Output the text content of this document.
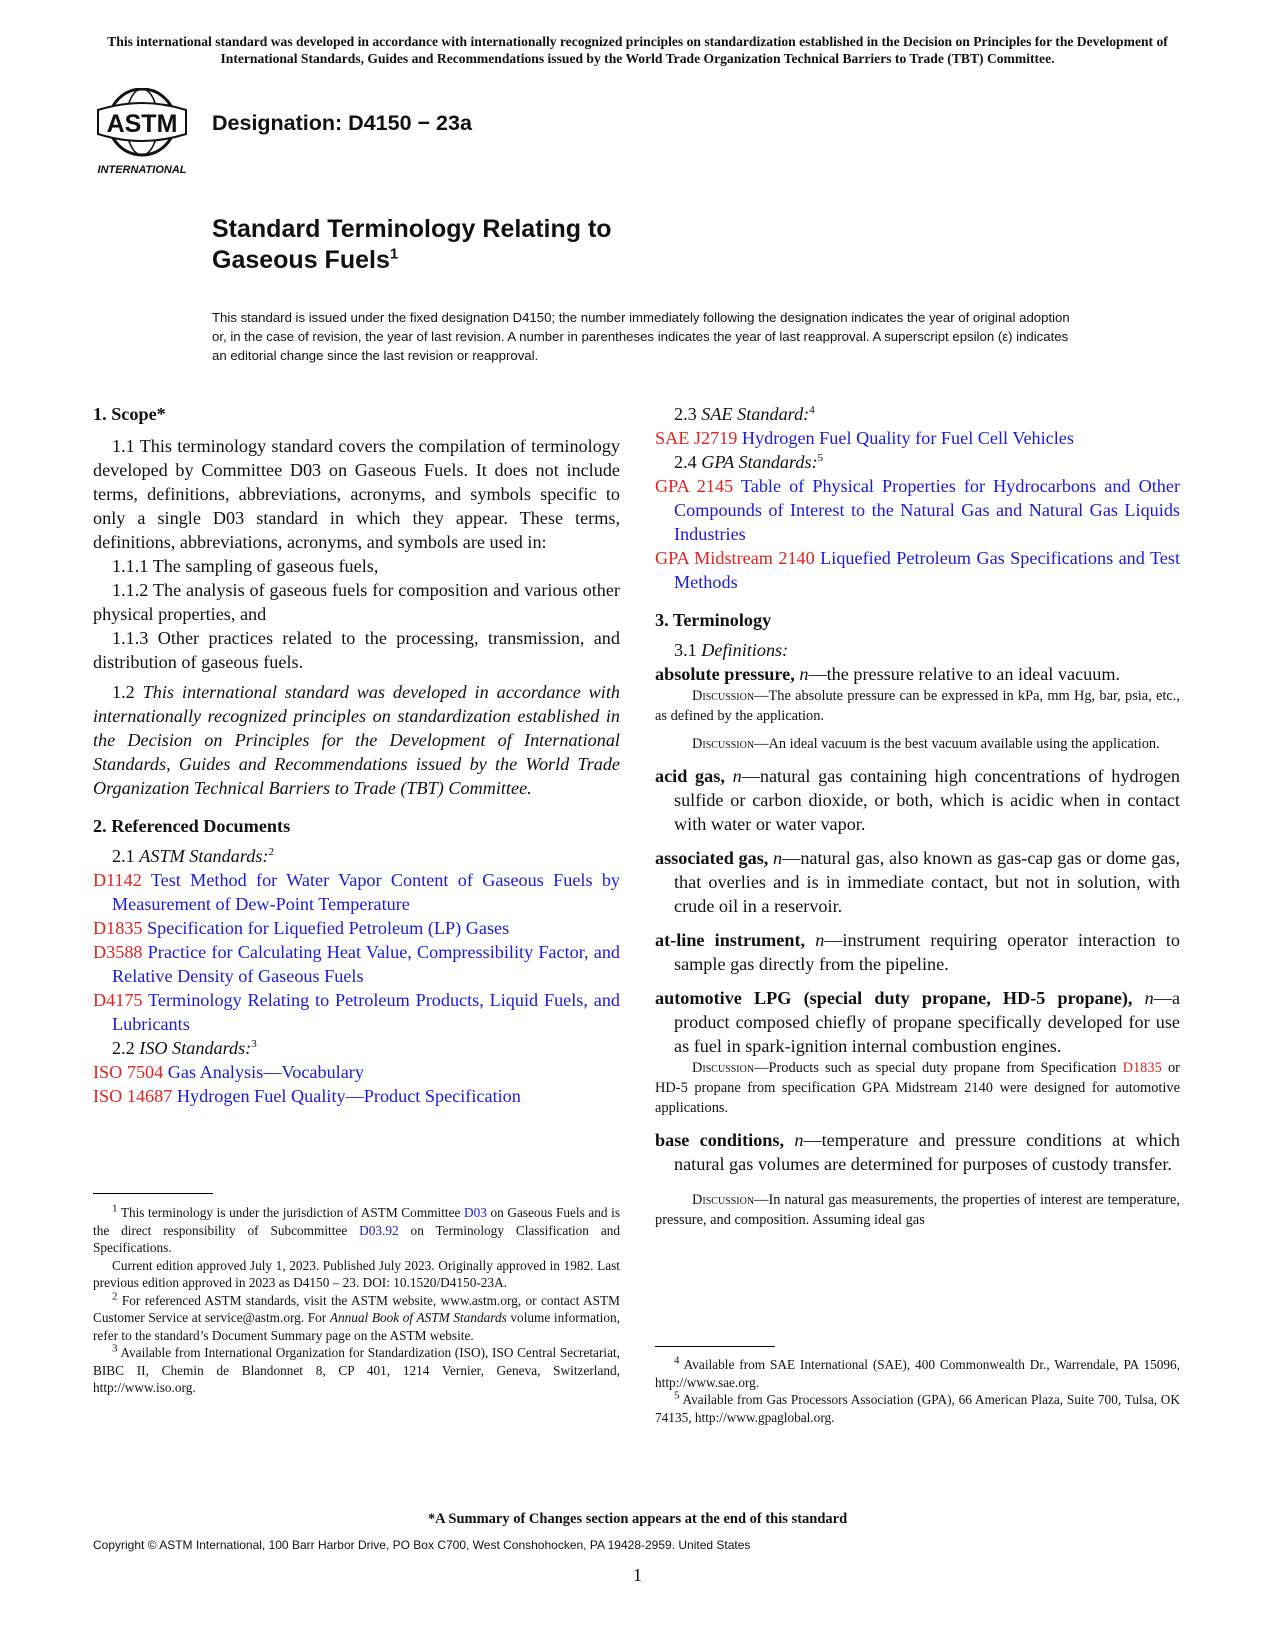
This international standard was developed in accordance with internationally recognized principles on standardization established in the Decision on Principles for the Development of International Standards, Guides and Recommendations issued by the World Trade Organization Technical Barriers to Trade (TBT) Committee.
ASTM
INTERNATIONAL
Designation: D4150 − 23a
Standard Terminology Relating to
Gaseous Fuels$^1$
This standard is issued under the fixed designation D4150; the number immediately following the designation indicates the year of original adoption or, in the case of revision, the year of last revision. A number in parentheses indicates the year of last reapproval. A superscript epsilon (ε) indicates an editorial change since the last revision or reapproval.

1. Scope*

1.1 This terminology standard covers the compilation of terminology developed by Committee D03 on Gaseous Fuels. It does not include terms, definitions, abbreviations, acronyms, and symbols specific to only a single D03 standard in which they appear. These terms, definitions, abbreviations, acronyms, and symbols are used in:

1.1.1 The sampling of gaseous fuels,

1.1.2 The analysis of gaseous fuels for composition and various other physical properties, and

1.1.3 Other practices related to the processing, transmission, and distribution of gaseous fuels.

1.2 This international standard was developed in accordance with internationally recognized principles on standardization established in the Decision on Principles for the Development of International Standards, Guides and Recommendations issued by the World Trade Organization Technical Barriers to Trade (TBT) Committee.

2. Referenced Documents

2.1 ASTM Standards:$^2$

D1142 Test Method for Water Vapor Content of Gaseous Fuels by Measurement of Dew-Point Temperature

D1835 Specification for Liquefied Petroleum (LP) Gases

D3588 Practice for Calculating Heat Value, Compressibility Factor, and Relative Density of Gaseous Fuels

D4175 Terminology Relating to Petroleum Products, Liquid Fuels, and Lubricants

2.2 ISO Standards:$^3$

ISO 7504 Gas Analysis—Vocabulary

ISO 14687 Hydrogen Fuel Quality—Product Specification

$^1$ This terminology is under the jurisdiction of ASTM Committee D03 on Gaseous Fuels and is the direct responsibility of Subcommittee D03.92 on Terminology Classification and Specifications.

Current edition approved July 1, 2023. Published July 2023. Originally approved in 1982. Last previous edition approved in 2023 as D4150 – 23. DOI: 10.1520/D4150-23A.

$^2$ For referenced ASTM standards, visit the ASTM website, www.astm.org, or contact ASTM Customer Service at service@astm.org. For Annual Book of ASTM Standards volume information, refer to the standard’s Document Summary page on the ASTM website.

$^3$ Available from International Organization for Standardization (ISO), ISO Central Secretariat, BIBC II, Chemin de Blandonnet 8, CP 401, 1214 Vernier, Geneva, Switzerland, http://www.iso.org.

2.3 SAE Standard:$^4$

SAE J2719 Hydrogen Fuel Quality for Fuel Cell Vehicles

2.4 GPA Standards:$^5$

GPA 2145 Table of Physical Properties for Hydrocarbons and Other Compounds of Interest to the Natural Gas and Natural Gas Liquids Industries

GPA Midstream 2140 Liquefied Petroleum Gas Specifications and Test Methods

3. Terminology

3.1 Definitions:

absolute pressure, n—the pressure relative to an ideal vacuum.

Discussion—The absolute pressure can be expressed in kPa, mm Hg, bar, psia, etc., as defined by the application.

Discussion—An ideal vacuum is the best vacuum available using the application.

acid gas, n—natural gas containing high concentrations of hydrogen sulfide or carbon dioxide, or both, which is acidic when in contact with water or water vapor.

associated gas, n—natural gas, also known as gas-cap gas or dome gas, that overlies and is in immediate contact, but not in solution, with crude oil in a reservoir.

at-line instrument, n—instrument requiring operator interaction to sample gas directly from the pipeline.

automotive LPG (special duty propane, HD-5 propane), n—a product composed chiefly of propane specifically developed for use as fuel in spark-ignition internal combustion engines.

Discussion—Products such as special duty propane from Specification D1835 or HD-5 propane from specification GPA Midstream 2140 were designed for automotive applications.

base conditions, n—temperature and pressure conditions at which natural gas volumes are determined for purposes of custody transfer.

Discussion—In natural gas measurements, the properties of interest are temperature, pressure, and composition. Assuming ideal gas

$^4$ Available from SAE International (SAE), 400 Commonwealth Dr., Warrendale, PA 15096, http://www.sae.org.

$^5$ Available from Gas Processors Association (GPA), 66 American Plaza, Suite 700, Tulsa, OK 74135, http://www.gpaglobal.org.

*A Summary of Changes section appears at the end of this standard
Copyright © ASTM International, 100 Barr Harbor Drive, PO Box C700, West Conshohocken, PA 19428-2959. United States
1
